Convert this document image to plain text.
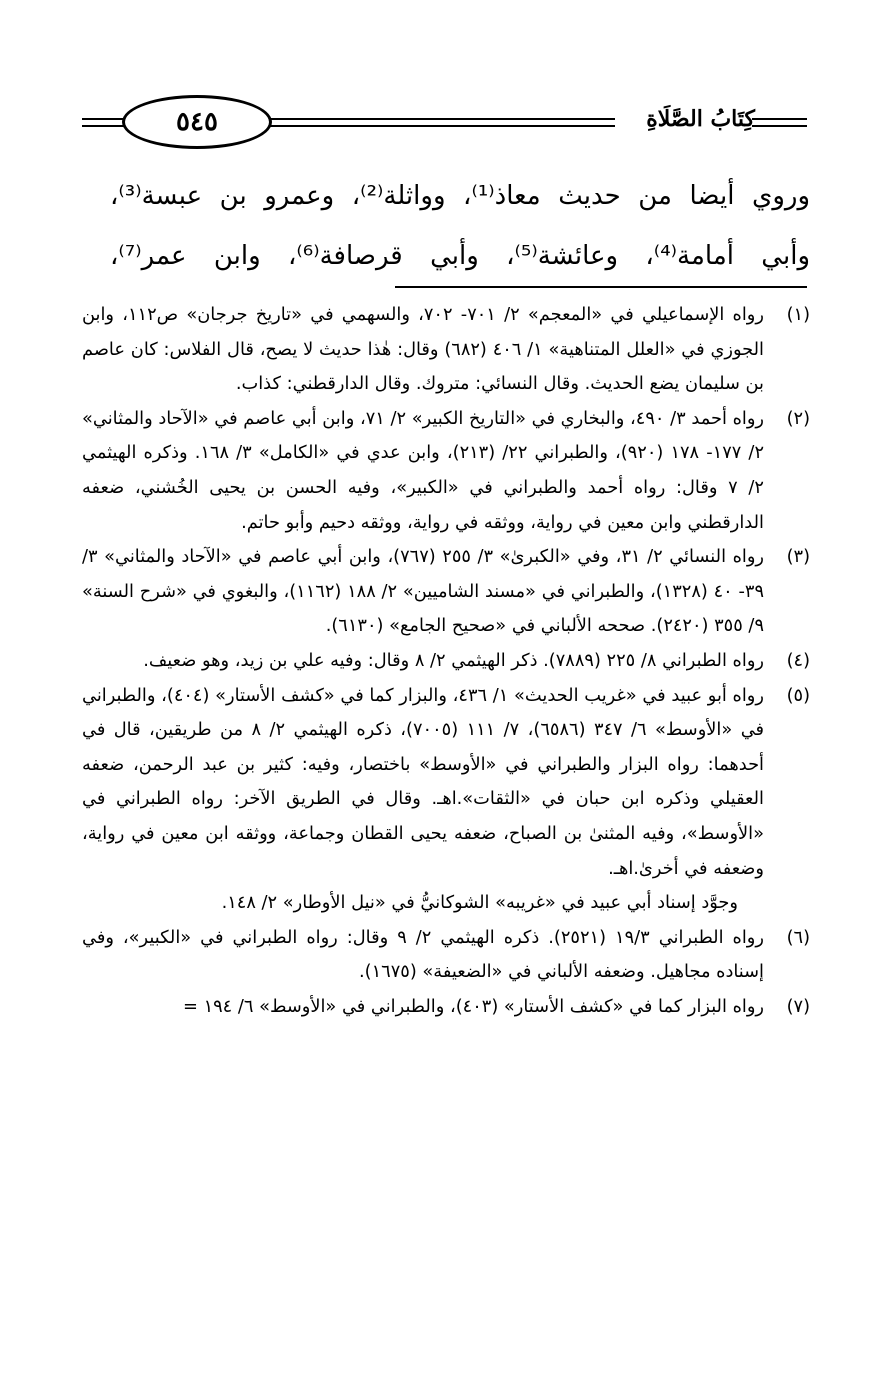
٥٤٥	كِتَابُ الصَّلَاةِ
وروي أيضا من حديث معاذ⁽¹⁾، وواثلة⁽²⁾، وعمرو بن عبسة⁽³⁾،
وأبي أمامة⁽⁴⁾، وعائشة⁽⁵⁾، وأبي قرصافة⁽⁶⁾، وابن عمر⁽⁷⁾،
(١)
رواه الإسماعيلي في «المعجم» ٢/ ٧٠١- ٧٠٢، والسهمي في «تاريخ جرجان» ص١١٢، وابن الجوزي في «العلل المتناهية» ١/ ٤٠٦ (٦٨٢) وقال: هٰذا حديث لا يصح، قال الفلاس: كان عاصم بن سليمان يضع الحديث. وقال النسائي: متروك. وقال الدارقطني: كذاب.
(٢)
رواه أحمد ٣/ ٤٩٠، والبخاري في «التاريخ الكبير» ٢/ ٧١، وابن أبي عاصم في «الآحاد والمثاني» ٢/ ١٧٧- ١٧٨ (٩٢٠)، والطبراني ٢٢/ (٢١٣)، وابن عدي في «الكامل» ٣/ ١٦٨. وذكره الهيثمي ٢/ ٧ وقال: رواه أحمد والطبراني في «الكبير»، وفيه الحسن بن يحيى الخُشني، ضعفه الدارقطني وابن معين في رواية، ووثقه في رواية، ووثقه دحيم وأبو حاتم.
(٣)
رواه النسائي ٢/ ٣١، وفي «الكبرىٰ» ٣/ ٢٥٥ (٧٦٧)، وابن أبي عاصم في «الآحاد والمثاني» ٣/ ٣٩- ٤٠ (١٣٢٨)، والطبراني في «مسند الشاميين» ٢/ ١٨٨ (١١٦٢)، والبغوي في «شرح السنة» ٩/ ٣٥٥ (٢٤٢٠). صححه الألباني في «صحيح الجامع» (٦١٣٠).
(٤)
رواه الطبراني ٨/ ٢٢٥ (٧٨٨٩). ذكر الهيثمي ٢/ ٨ وقال: وفيه علي بن زيد، وهو ضعيف.
(٥)
رواه أبو عبيد في «غريب الحديث» ١/ ٤٣٦، والبزار كما في «كشف الأستار» (٤٠٤)، والطبراني في «الأوسط» ٦/ ٣٤٧ (٦٥٨٦)، ٧/ ١١١ (٧٠٠٥)، ذكره الهيثمي ٢/ ٨ من طريقين، قال في أحدهما: رواه البزار والطبراني في «الأوسط» باختصار، وفيه: كثير بن عبد الرحمن، ضعفه العقيلي وذكره ابن حبان في «الثقات».اهـ. وقال في الطريق الآخر: رواه الطبراني في «الأوسط»، وفيه المثنىٰ بن الصباح، ضعفه يحيى القطان وجماعة، ووثقه ابن معين في رواية، وضعفه في أخرىٰ.اهـ.
وجوَّد إسناد أبي عبيد في «غريبه» الشوكانيُّ في «نيل الأوطار» ٢/ ١٤٨.
(٦)
رواه الطبراني ١٩/٣ (٢٥٢١). ذكره الهيثمي ٢/ ٩ وقال: رواه الطبراني في «الكبير»، وفي إسناده مجاهيل. وضعفه الألباني في «الضعيفة» (١٦٧٥).
(٧)
رواه البزار كما في «كشف الأستار» (٤٠٣)، والطبراني في «الأوسط» ٦/ ١٩٤ =
